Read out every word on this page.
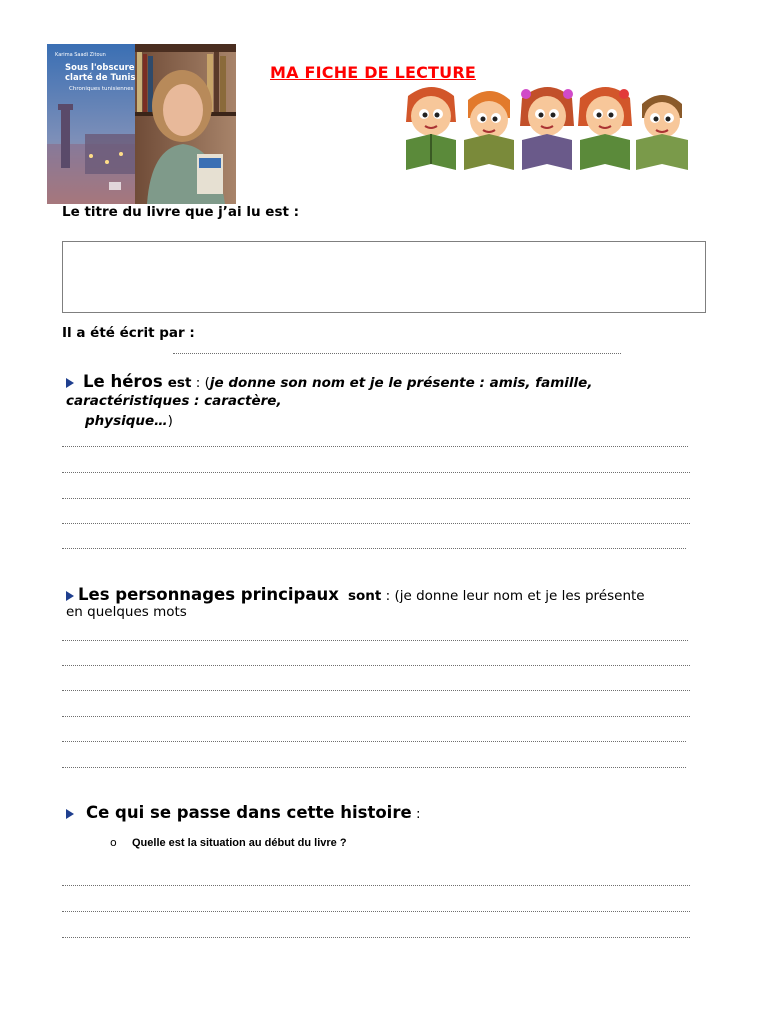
Karima Saadi Zitoun
Sous l'obscure
clarté de Tunis
Chroniques tunisiennes
MA FICHE DE LECTURE
Le titre du livre que j’ai lu est :
Il a été écrit par :
Le héros est : (je donne son nom et je le présente : amis, famille,
caractéristiques : caractère,
physique…)
Les personnages principaux sont : (je donne leur nom et je les présente
en quelques mots
Ce qui se passe dans cette histoire :
o Quelle est la situation au début du livre ?
